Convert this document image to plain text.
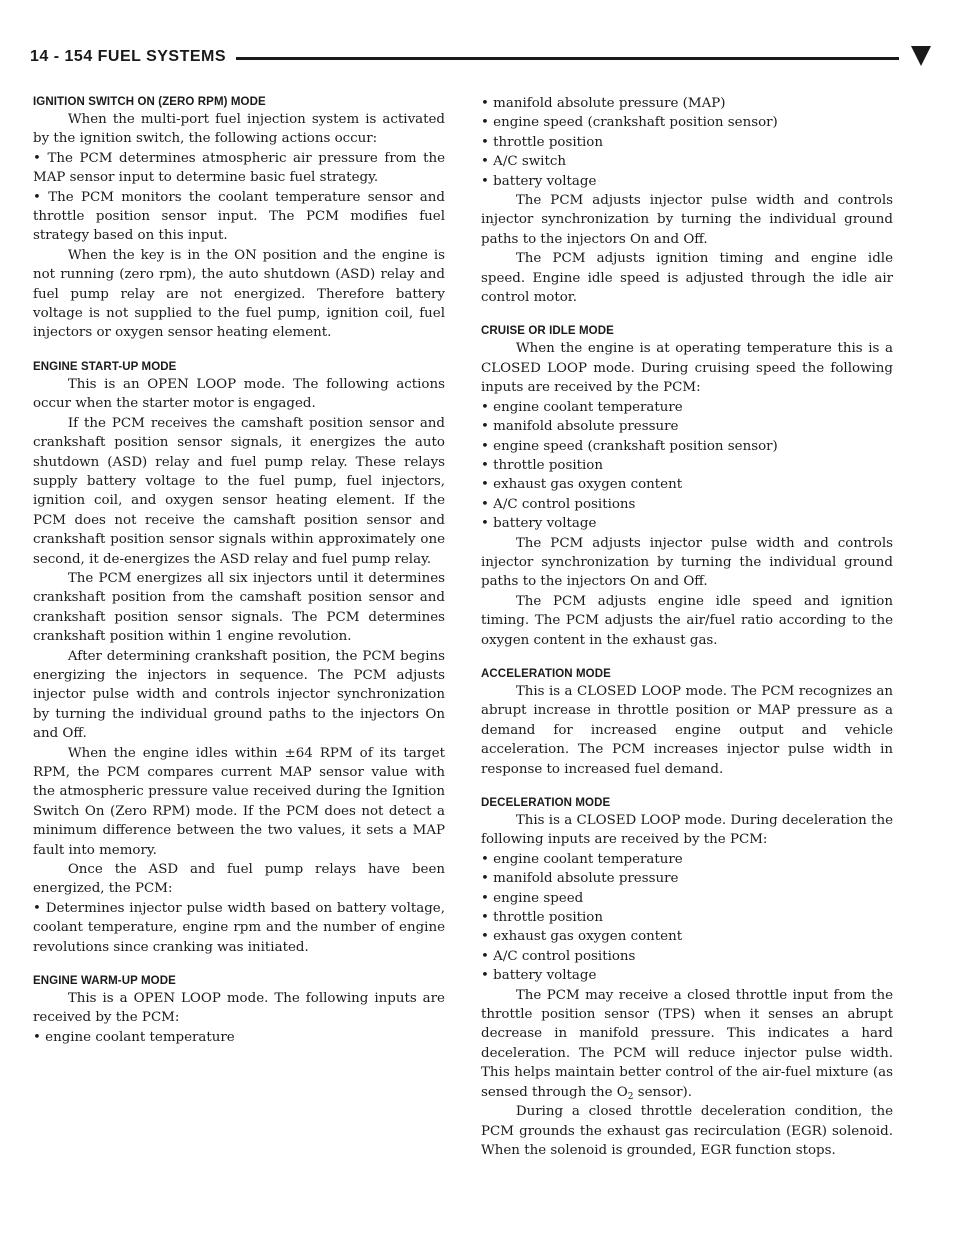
14 - 154 FUEL SYSTEMS
IGNITION SWITCH ON (ZERO RPM) MODE

When the multi-port fuel injection system is activated by the ignition switch, the following actions occur:

• The PCM determines atmospheric air pressure from the MAP sensor input to determine basic fuel strategy.

• The PCM monitors the coolant temperature sensor and throttle position sensor input. The PCM modifies fuel strategy based on this input.

When the key is in the ON position and the engine is not running (zero rpm), the auto shutdown (ASD) relay and fuel pump relay are not energized. Therefore battery voltage is not supplied to the fuel pump, ignition coil, fuel injectors or oxygen sensor heating element.

ENGINE START-UP MODE

This is an OPEN LOOP mode. The following actions occur when the starter motor is engaged.

If the PCM receives the camshaft position sensor and crankshaft position sensor signals, it energizes the auto shutdown (ASD) relay and fuel pump relay. These relays supply battery voltage to the fuel pump, fuel injectors, ignition coil, and oxygen sensor heating element. If the PCM does not receive the camshaft position sensor and crankshaft position sensor signals within approximately one second, it de-energizes the ASD relay and fuel pump relay.

The PCM energizes all six injectors until it determines crankshaft position from the camshaft position sensor and crankshaft position sensor signals. The PCM determines crankshaft position within 1 engine revolution.

After determining crankshaft position, the PCM begins energizing the injectors in sequence. The PCM adjusts injector pulse width and controls injector synchronization by turning the individual ground paths to the injectors On and Off.

When the engine idles within ±64 RPM of its target RPM, the PCM compares current MAP sensor value with the atmospheric pressure value received during the Ignition Switch On (Zero RPM) mode. If the PCM does not detect a minimum difference between the two values, it sets a MAP fault into memory.

Once the ASD and fuel pump relays have been energized, the PCM:

• Determines injector pulse width based on battery voltage, coolant temperature, engine rpm and the number of engine revolutions since cranking was initiated.

ENGINE WARM-UP MODE

This is a OPEN LOOP mode. The following inputs are received by the PCM:

• engine coolant temperature

• manifold absolute pressure (MAP)

• engine speed (crankshaft position sensor)

• throttle position

• A/C switch

• battery voltage

The PCM adjusts injector pulse width and controls injector synchronization by turning the individual ground paths to the injectors On and Off.

The PCM adjusts ignition timing and engine idle speed. Engine idle speed is adjusted through the idle air control motor.

CRUISE OR IDLE MODE

When the engine is at operating temperature this is a CLOSED LOOP mode. During cruising speed the following inputs are received by the PCM:

• engine coolant temperature

• manifold absolute pressure

• engine speed (crankshaft position sensor)

• throttle position

• exhaust gas oxygen content

• A/C control positions

• battery voltage

The PCM adjusts injector pulse width and controls injector synchronization by turning the individual ground paths to the injectors On and Off.

The PCM adjusts engine idle speed and ignition timing. The PCM adjusts the air/fuel ratio according to the oxygen content in the exhaust gas.

ACCELERATION MODE

This is a CLOSED LOOP mode. The PCM recognizes an abrupt increase in throttle position or MAP pressure as a demand for increased engine output and vehicle acceleration. The PCM increases injector pulse width in response to increased fuel demand.

DECELERATION MODE

This is a CLOSED LOOP mode. During deceleration the following inputs are received by the PCM:

• engine coolant temperature

• manifold absolute pressure

• engine speed

• throttle position

• exhaust gas oxygen content

• A/C control positions

• battery voltage

The PCM may receive a closed throttle input from the throttle position sensor (TPS) when it senses an abrupt decrease in manifold pressure. This indicates a hard deceleration. The PCM will reduce injector pulse width. This helps maintain better control of the air-fuel mixture (as sensed through the $O_2$ sensor).

During a closed throttle deceleration condition, the PCM grounds the exhaust gas recirculation (EGR) solenoid. When the solenoid is grounded, EGR function stops.
